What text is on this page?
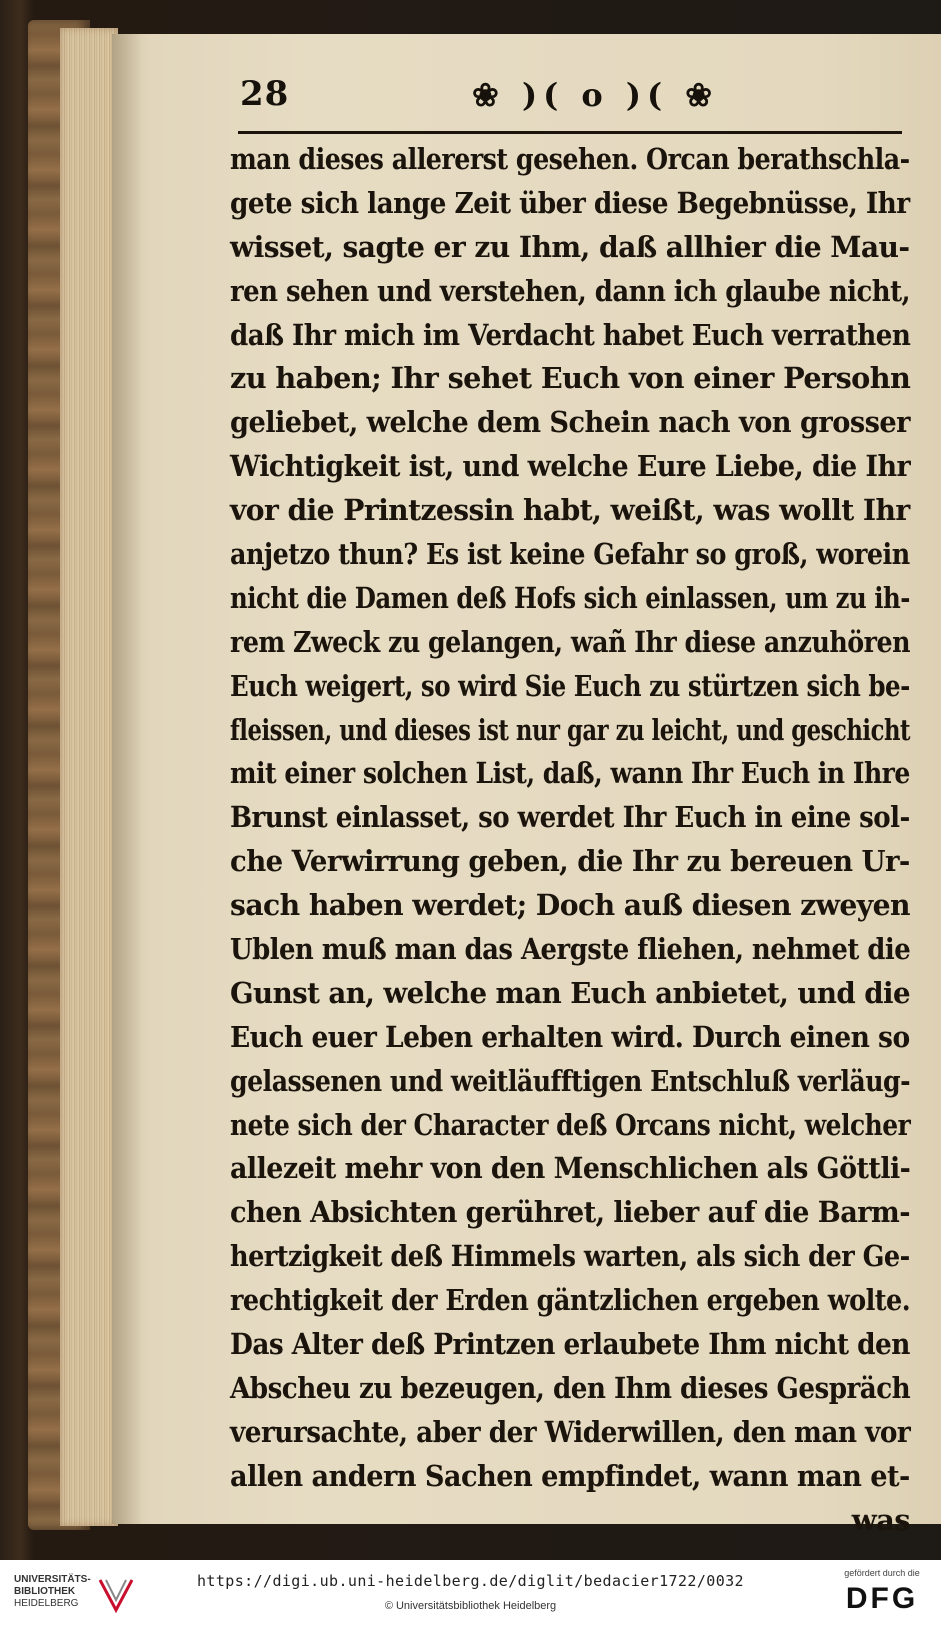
28	❀ )( o )( ❀
man dieses allererst gesehen. Orcan berathschla-
gete sich lange Zeit über diese Begebnüsse, Ihr
wisset, sagte er zu Ihm, daß allhier die Mau-
ren sehen und verstehen, dann ich glaube nicht,
daß Ihr mich im Verdacht habet Euch verrathen
zu haben; Ihr sehet Euch von einer Persohn
geliebet, welche dem Schein nach von grosser
Wichtigkeit ist, und welche Eure Liebe, die Ihr
vor die Printzessin habt, weißt, was wollt Ihr
anjetzo thun? Es ist keine Gefahr so groß, worein
nicht die Damen deß Hofs sich einlassen, um zu ih-
rem Zweck zu gelangen, wañ Ihr diese anzuhören
Euch weigert, so wird Sie Euch zu stürtzen sich be-
fleissen, und dieses ist nur gar zu leicht, und geschicht
mit einer solchen List, daß, wann Ihr Euch in Ihre
Brunst einlasset, so werdet Ihr Euch in eine sol-
che Verwirrung geben, die Ihr zu bereuen Ur-
sach haben werdet; Doch auß diesen zweyen
Ublen muß man das Aergste fliehen, nehmet die
Gunst an, welche man Euch anbietet, und die
Euch euer Leben erhalten wird. Durch einen so
gelassenen und weitläufftigen Entschluß verläug-
nete sich der Character deß Orcans nicht, welcher
allezeit mehr von den Menschlichen als Göttli-
chen Absichten gerühret, lieber auf die Barm-
hertzigkeit deß Himmels warten, als sich der Ge-
rechtigkeit der Erden gäntzlichen ergeben wolte.
Das Alter deß Printzen erlaubete Ihm nicht den
Abscheu zu bezeugen, den Ihm dieses Gespräch
verursachte, aber der Widerwillen, den man vor
allen andern Sachen empfindet, wann man et-
was
UNIVERSITÄTS-
BIBLIOTHEK
HEIDELBERG
https://digi.ub.uni-heidelberg.de/diglit/bedacier1722/0032
© Universitätsbibliothek Heidelberg
gefördert durch die
DFG
